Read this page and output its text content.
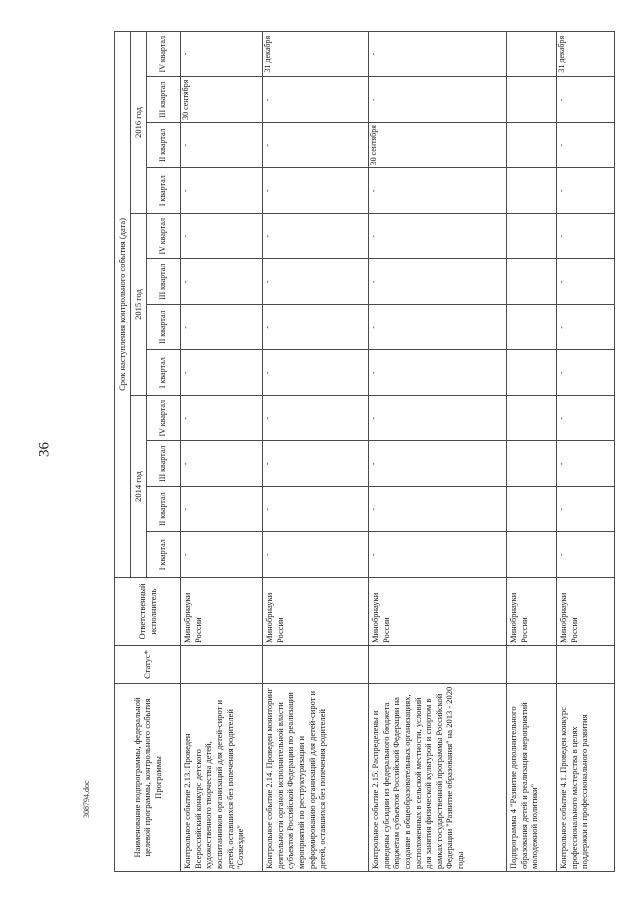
36
308794.doc	Наименование подпрограммы, федеральной целевой программы, контрольного события Программы	Статус*	Ответственный исполнитель	Срок наступления контрольного события (дата)											
			2014 год				2015 год				2016 год			
			I квартал	II квартал	III квартал	IV квартал	I квартал	II квартал	III квартал	IV квартал	I квартал	II квартал	III квартал	IV квартал
Контрольное событие 2.13. Проведен Всероссийский конкурс детского художественного творчества детей, воспитанников организаций для детей-сирот и детей, оставшихся без попечения родителей "Созвездие"		Минобрнауки России	-	-	-	-	-	-	-	-	-	-	30 сентября	-
Контрольное событие 2.14. Проведен мониторинг деятельности органов исполнительной власти субъектов Российской Федерации по реализации мероприятий по реструктуризации и реформированию организаций для детей-сирот и детей, оставшихся без попечения родителей		Минобрнауки России	-	-	-	-	-	-	-	-	-	-	-	31 декабря
Контрольное событие 2.15. Распределены и доведены субсидии из федерального бюджета бюджетам субъектов Российской Федерации на создание в общеобразовательных организациях, расположенных в сельской местности, условий для занятия физической культурой и спортом в рамках государственной программы Российской Федерации "Развитие образования" на 2013 - 2020 годы		Минобрнауки России	-	-	-	-	-	-	-	-	-	30 сентября	-	-
Подпрограмма 4 "Развитие дополнительного образования детей и реализация мероприятий молодежной политики"		Минобрнауки России												
Контрольное событие 4.1. Проведен конкурс профессионального мастерства в целях поддержки и профессионального развития		Минобрнауки России	-	-	-	-	-	-	-	-	-	-	-	31 декабря
